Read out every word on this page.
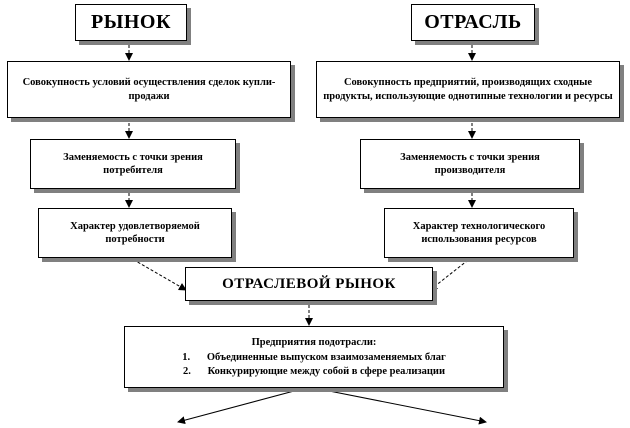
РЫНОК
Совокупность условий осуществления сделок купли-продажи
Заменяемость с точки зрения потребителя
Характер удовлетворяемой потребности
ОТРАСЛЬ
Совокупность предприятий, производящих сходные продукты, использующие однотипные технологии и ресурсы
Заменяемость с точки зрения производителя
Характер технологического использования ресурсов
ОТРАСЛЕВОЙ РЫНОК
Предприятия подотрасли:
1. Объединенные выпуском взаимозаменяемых благ
2. Конкурирующие между собой в сфере реализации
